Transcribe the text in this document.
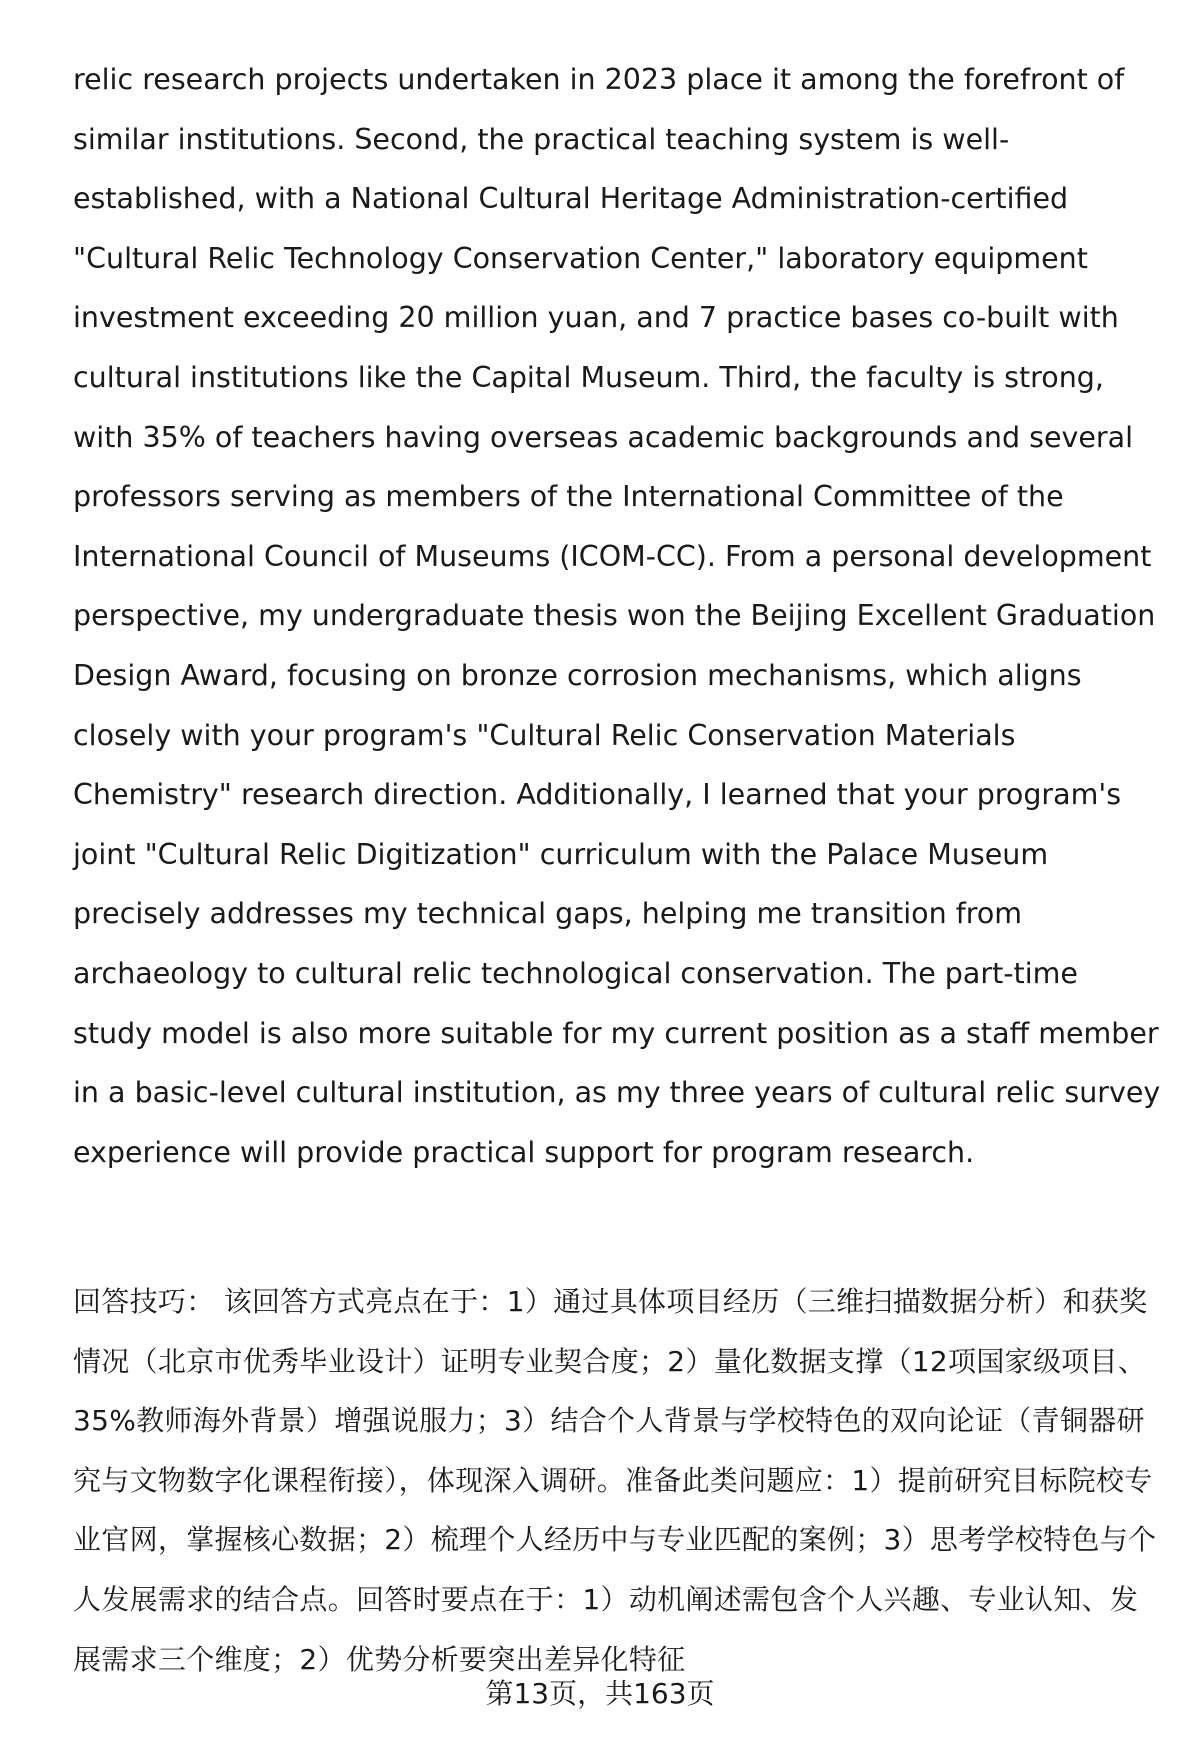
relic research projects undertaken in 2023 place it among the forefront of similar institutions. Second, the practical teaching system is well-established, with a National Cultural Heritage Administration-certified "Cultural Relic Technology Conservation Center," laboratory equipment investment exceeding 20 million yuan, and 7 practice bases co-built with cultural institutions like the Capital Museum. Third, the faculty is strong, with 35% of teachers having overseas academic backgrounds and several professors serving as members of the International Committee of the International Council of Museums (ICOM-CC). From a personal development perspective, my undergraduate thesis won the Beijing Excellent Graduation Design Award, focusing on bronze corrosion mechanisms, which aligns closely with your program's "Cultural Relic Conservation Materials Chemistry" research direction. Additionally, I learned that your program's joint "Cultural Relic Digitization" curriculum with the Palace Museum precisely addresses my technical gaps, helping me transition from archaeology to cultural relic technological conservation. The part-time study model is also more suitable for my current position as a staff member in a basic-level cultural institution, as my three years of cultural relic survey experience will provide practical support for program research.

回答技巧： 该回答方式亮点在于：1）通过具体项目经历（三维扫描数据分析）和获奖情况（北京市优秀毕业设计）证明专业契合度；2）量化数据支撑（12项国家级项目、35%教师海外背景）增强说服力；3）结合个人背景与学校特色的双向论证（青铜器研究与文物数字化课程衔接），体现深入调研。准备此类问题应：1）提前研究目标院校专业官网，掌握核心数据；2）梳理个人经历中与专业匹配的案例；3）思考学校特色与个人发展需求的结合点。回答时要点在于：1）动机阐述需包含个人兴趣、专业认知、发展需求三个维度；2）优势分析要突出差异化特征

第13页，共163页
